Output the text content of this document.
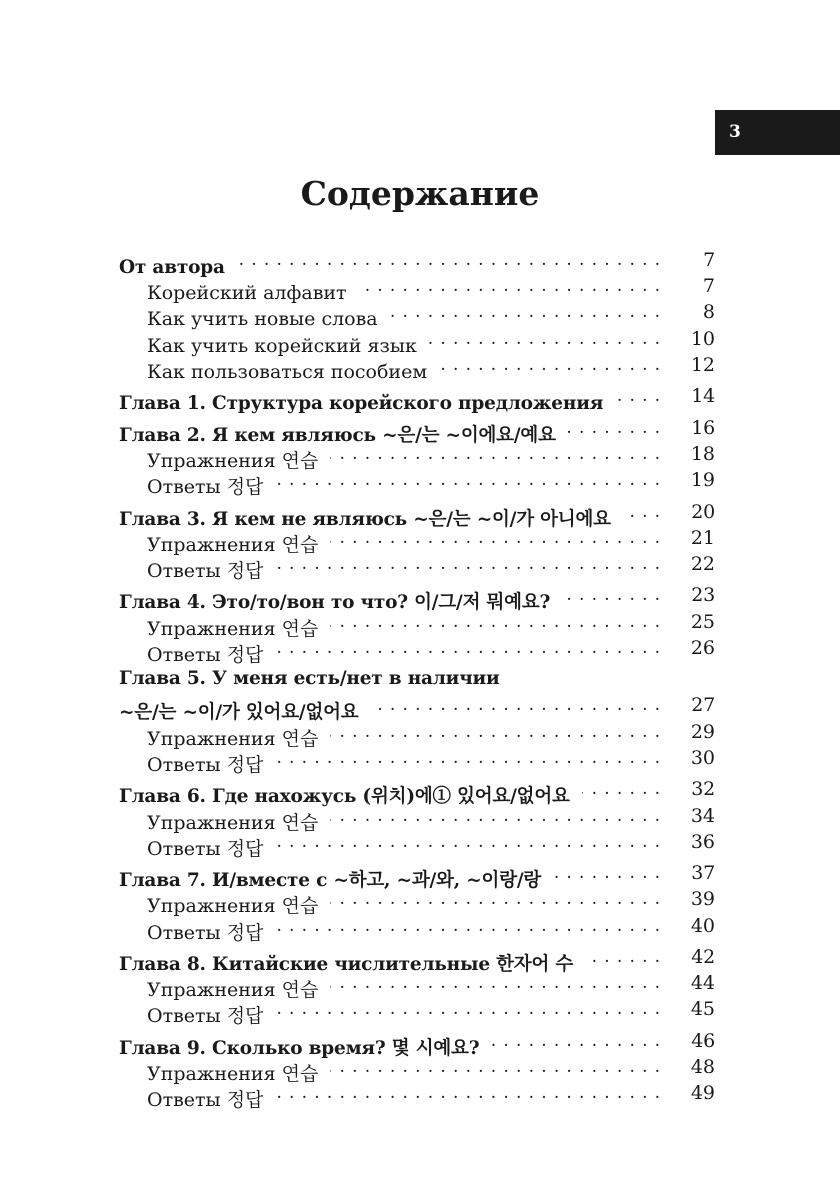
3
Содержание
От автора . . .	7
Корейский алфавит . . .	7
Как учить новые слова . . .	8
Как учить корейский язык . . .	10
Как пользоваться пособием . . .	12
Глава 1. Структура корейского предложения . . .	14
Глава 2. Я кем являюсь ~은/는 ~이에요/예요 . . .	16
Упражнения 연습 . . .	18
Ответы 정답 . . .	19
Глава 3. Я кем не являюсь ~은/는 ~이/가 아니에요 . . .	20
Упражнения 연습 . . .	21
Ответы 정답 . . .	22
Глава 4. Это/то/вон то что? 이/그/저 뭐예요? . . .	23
Упражнения 연습 . . .	25
Ответы 정답 . . .	26
Глава 5. У меня есть/нет в наличии
~은/는 ~이/가 있어요/없어요 . . .	27
Упражнения 연습 . . .	29
Ответы 정답 . . .	30
Глава 6. Где нахожусь (위치)에① 있어요/없어요 . . .	32
Упражнения 연습 . . .	34
Ответы 정답 . . .	36
Глава 7. И/вместе с ~하고, ~과/와, ~이랑/랑 . . .	37
Упражнения 연습 . . .	39
Ответы 정답 . . .	40
Глава 8. Китайские числительные 한자어 수 . . .	42
Упражнения 연습 . . .	44
Ответы 정답 . . .	45
Глава 9. Сколько время? 몇 시예요? . . .	46
Упражнения 연습 . . .	48
Ответы 정답 . . .	49
